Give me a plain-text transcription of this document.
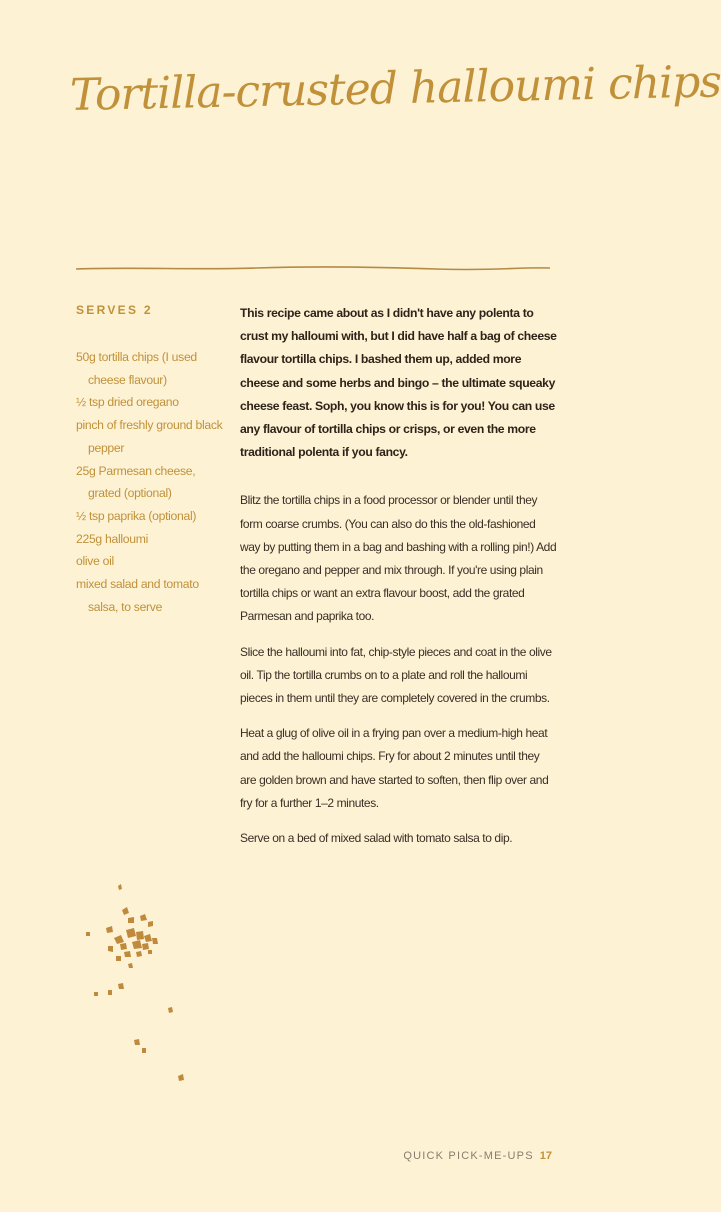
Tortilla-crusted halloumi chips
SERVES 2
50g tortilla chips (I used cheese flavour)
½ tsp dried oregano
pinch of freshly ground black pepper
25g Parmesan cheese, grated (optional)
½ tsp paprika (optional)
225g halloumi
olive oil
mixed salad and tomato salsa, to serve

This recipe came about as I didn't have any polenta to crust my halloumi with, but I did have half a bag of cheese flavour tortilla chips. I bashed them up, added more cheese and some herbs and bingo – the ultimate squeaky cheese feast. Soph, you know this is for you! You can use any flavour of tortilla chips or crisps, or even the more traditional polenta if you fancy.

Blitz the tortilla chips in a food processor or blender until they form coarse crumbs. (You can also do this the old-fashioned way by putting them in a bag and bashing with a rolling pin!) Add the oregano and pepper and mix through. If you're using plain tortilla chips or want an extra flavour boost, add the grated Parmesan and paprika too.

Slice the halloumi into fat, chip-style pieces and coat in the olive oil. Tip the tortilla crumbs on to a plate and roll the halloumi pieces in them until they are completely covered in the crumbs.

Heat a glug of olive oil in a frying pan over a medium-high heat and add the halloumi chips. Fry for about 2 minutes until they are golden brown and have started to soften, then flip over and fry for a further 1–2 minutes.

Serve on a bed of mixed salad with tomato salsa to dip.

QUICK PICK-ME-UPS 17
